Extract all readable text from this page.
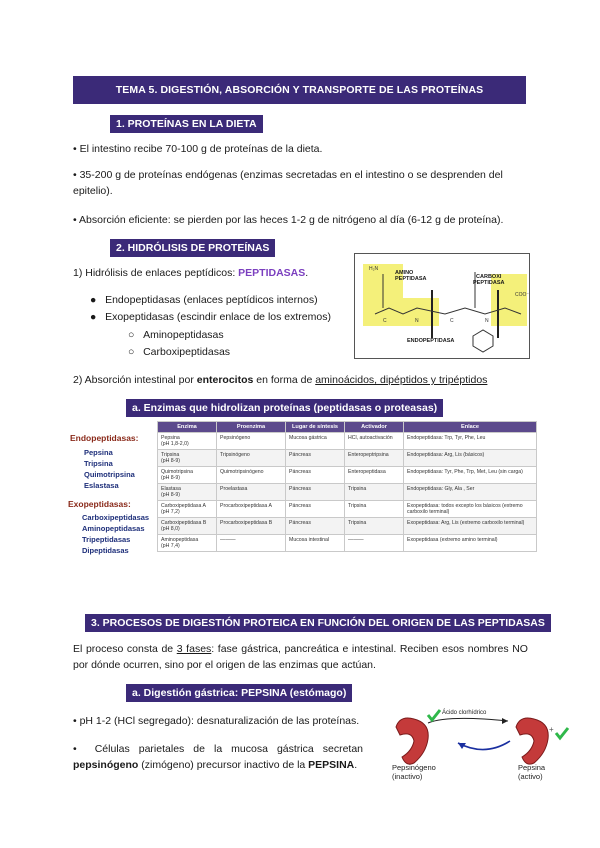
TEMA 5. DIGESTIÓN, ABSORCIÓN Y TRANSPORTE DE LAS PROTEÍNAS
1. PROTEÍNAS EN LA DIETA
• El intestino recibe 70-100 g de proteínas de la dieta.
• 35-200 g de proteínas endógenas (enzimas secretadas en el intestino o se desprenden del epitelio).
• Absorción eficiente: se pierden por las heces 1-2 g de nitrógeno al día (6-12 g de proteína).
2. HIDRÓLISIS DE PROTEÍNAS
1) Hidrólisis de enlaces peptídicos: PEPTIDASAS.
●   Endopeptidasas (enlaces peptídicos internos)
●   Exopeptidasas (escindir enlace de los extremos)
○   Aminopeptidasas
○   Carboxipeptidasas
H₂N
C	N	C	N
COO⁻
AMINO
PEPTIDASA	CARBOXI
PEPTIDASA
ENDOPEPTIDASA
2) Absorción intestinal por enterocitos en forma de aminoácidos, dipéptidos y tripéptidos
a. Enzimas que hidrolizan proteínas (peptidasas o proteasas)
Endopeptidasas:
Pepsina
Tripsina
Quimotripsina
Eslastasa
Exopeptidasas:
Carboxipeptidasas
Aminopeptidasas
Tripeptidasas
Dipeptidasas
Enzima	Proenzima	Lugar de síntesis	Activador	Enlace
Pepsina
(pH 1,8-2,0)	Pepsinógeno	Mucosa gástrica	HCl, autoactivación	Endopeptidasa: Trp, Tyr, Phe, Leu
Tripsina
(pH 8-9)	Tripsinógeno	Páncreas	Enteropeptripsina	Endopeptidasa: Arg, Lis (básicos)
Quimotripsina
(pH 8-9)	Quimotripsinógeno	Páncreas	Enteropeptidasa	Endopeptidasa: Tyr, Phe, Trp, Met, Leu (sin carga)
Elastasa
(pH 8-9)	Proelastasa	Páncreas	Tripsina	Endopeptidasa: Gly, Ala , Ser
Carboxipeptidasa A
(pH 7,2)	Procarboxipeptidasa A	Páncreas	Tripsina	Exopeptidasa: todos excepto los básicos (extremo carboxilo terminal)
Carboxipeptidasa B
(pH 8,0)	Procarboxipeptidasa B	Páncreas	Tripsina	Exopeptidasa: Arg, Lis (extremo carboxilo terminal)
Aminopeptidasa
(pH 7,4)	———	Mucosa intestinal	———	Exopeptidasa (extremo amino terminal)
3. PROCESOS DE DIGESTIÓN PROTEICA EN FUNCIÓN DEL ORIGEN DE LAS PEPTIDASAS
El proceso consta de 3 fases: fase gástrica, pancreática e intestinal. Reciben esos nombres NO por dónde ocurren, sino por el origen de las enzimas que actúan.
a. Digestión gástrica: PEPSINA (estómago)
• pH 1-2 (HCl segregado): desnaturalización de las proteínas.
•  Células parietales de la mucosa gástrica secretan pepsinógeno (zimógeno) precursor inactivo de la PEPSINA.
Ácido clorhídrico
+
Pepsinógeno
(inactivo)
Pepsina
(activo)
